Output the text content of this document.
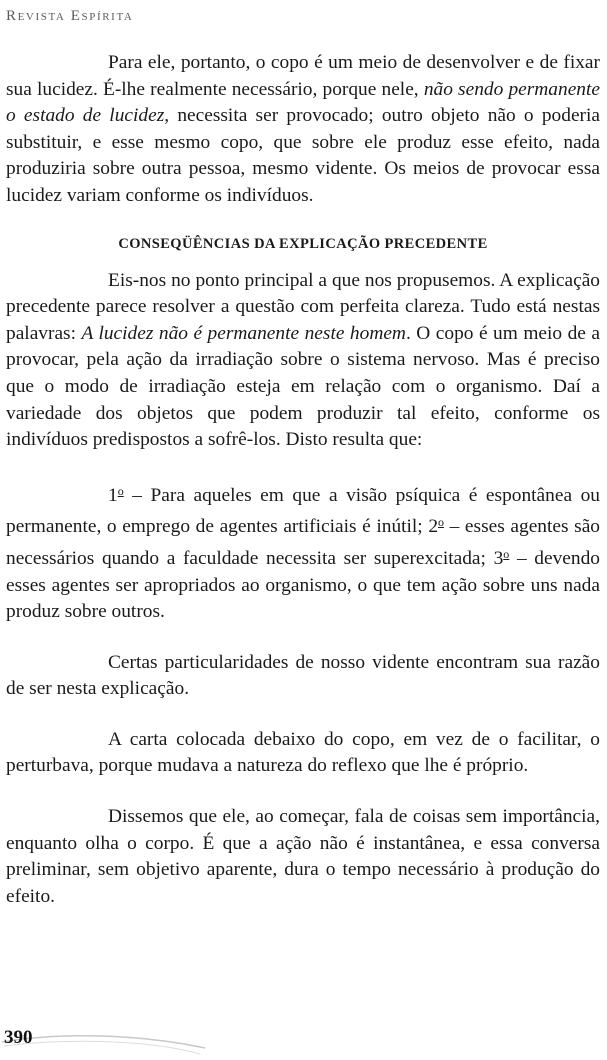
Revista Espírita

Para ele, portanto, o copo é um meio de desenvolver e de fixar sua lucidez. É-lhe realmente necessário, porque nele, não sendo permanente o estado de lucidez, necessita ser provocado; outro objeto não o poderia substituir, e esse mesmo copo, que sobre ele produz esse efeito, nada produziria sobre outra pessoa, mesmo vidente. Os meios de provocar essa lucidez variam conforme os indivíduos.

CONSEQÜÊNCIAS DA EXPLICAÇÃO PRECEDENTE

Eis-nos no ponto principal a que nos propusemos. A explicação precedente parece resolver a questão com perfeita clareza. Tudo está nestas palavras: A lucidez não é permanente neste homem. O copo é um meio de a provocar, pela ação da irradiação sobre o sistema nervoso. Mas é preciso que o modo de irradiação esteja em relação com o organismo. Daí a variedade dos objetos que podem produzir tal efeito, conforme os indivíduos predispostos a sofrê-los. Disto resulta que:

1$^o$ – Para aqueles em que a visão psíquica é espontânea ou permanente, o emprego de agentes artificiais é inútil; 2$^o$ – esses agentes são necessários quando a faculdade necessita ser superexcitada; 3$^o$ – devendo esses agentes ser apropriados ao organismo, o que tem ação sobre uns nada produz sobre outros.

Certas particularidades de nosso vidente encontram sua razão de ser nesta explicação.

A carta colocada debaixo do copo, em vez de o facilitar, o perturbava, porque mudava a natureza do reflexo que lhe é próprio.

Dissemos que ele, ao começar, fala de coisas sem importância, enquanto olha o corpo. É que a ação não é instantânea, e essa conversa preliminar, sem objetivo aparente, dura o tempo necessário à produção do efeito.

390
